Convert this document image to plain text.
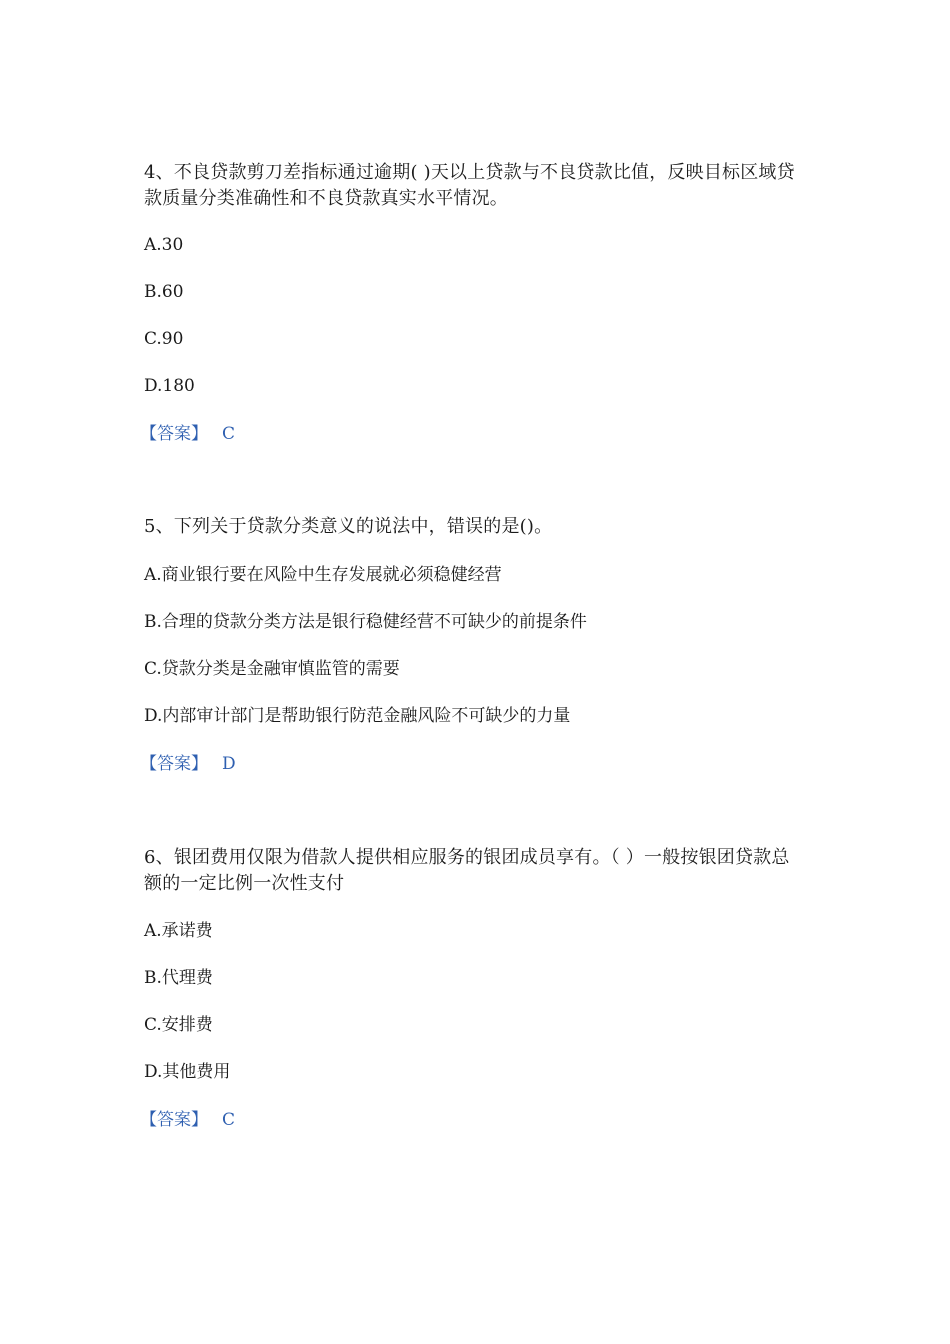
4、不良贷款剪刀差指标通过逾期( )天以上贷款与不良贷款比值，反映目标区域贷款质量分类准确性和不良贷款真实水平情况。

A.30

B.60

C.90

D.180

【答案】 C

5、下列关于贷款分类意义的说法中，错误的是()。

A.商业银行要在风险中生存发展就必须稳健经营

B.合理的贷款分类方法是银行稳健经营不可缺少的前提条件

C.贷款分类是金融审慎监管的需要

D.内部审计部门是帮助银行防范金融风险不可缺少的力量

【答案】 D

6、银团费用仅限为借款人提供相应服务的银团成员享有。（ ）一般按银团贷款总额的一定比例一次性支付

A.承诺费

B.代理费

C.安排费

D.其他费用

【答案】 C
